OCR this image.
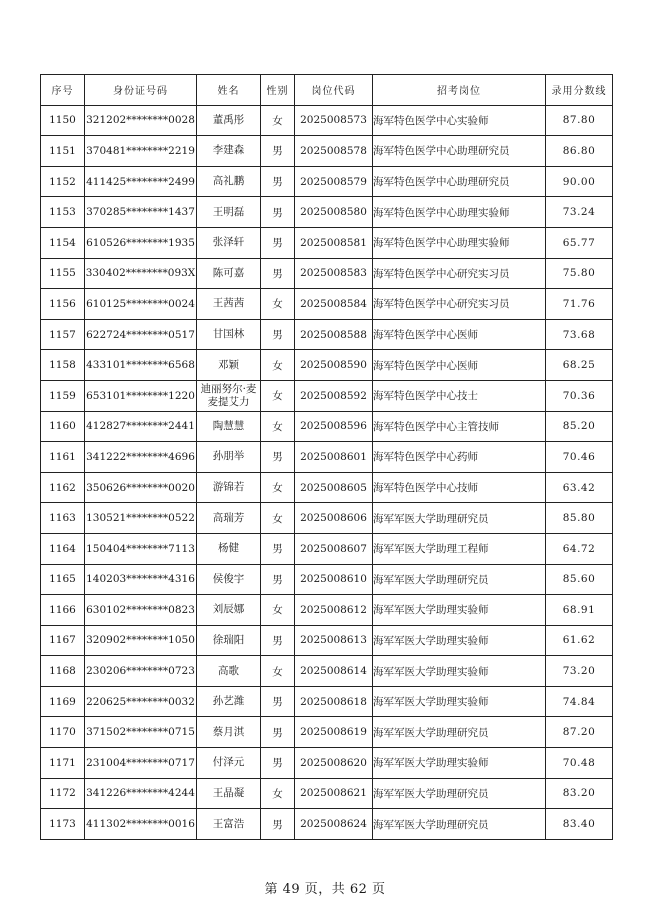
序号	身份证号码	姓名	性别	岗位代码	招考岗位	录用分数线
1150	321202********0028	董禹彤	女	2025008573	海军特色医学中心实验师	87.80
1151	370481********2219	李建森	男	2025008578	海军特色医学中心助理研究员	86.80
1152	411425********2499	高礼鹏	男	2025008579	海军特色医学中心助理研究员	90.00
1153	370285********1437	王明磊	男	2025008580	海军特色医学中心助理实验师	73.24
1154	610526********1935	张泽轩	男	2025008581	海军特色医学中心助理实验师	65.77
1155	330402********093X	陈可嘉	男	2025008583	海军特色医学中心研究实习员	75.80
1156	610125********0024	王茜茜	女	2025008584	海军特色医学中心研究实习员	71.76
1157	622724********0517	甘国林	男	2025008588	海军特色医学中心医师	73.68
1158	433101********6568	邓颖	女	2025008590	海军特色医学中心医师	68.25
1159	653101********1220	迪丽努尔·麦麦提艾力	女	2025008592	海军特色医学中心技士	70.36
1160	412827********2441	陶慧慧	女	2025008596	海军特色医学中心主管技师	85.20
1161	341222********4696	孙朋举	男	2025008601	海军特色医学中心药师	70.46
1162	350626********0020	游锦若	女	2025008605	海军特色医学中心技师	63.42
1163	130521********0522	高瑞芳	女	2025008606	海军军医大学助理研究员	85.80
1164	150404********7113	杨健	男	2025008607	海军军医大学助理工程师	64.72
1165	140203********4316	侯俊宇	男	2025008610	海军军医大学助理研究员	85.60
1166	630102********0823	刘辰娜	女	2025008612	海军军医大学助理实验师	68.91
1167	320902********1050	徐瑞阳	男	2025008613	海军军医大学助理实验师	61.62
1168	230206********0723	高歌	女	2025008614	海军军医大学助理实验师	73.20
1169	220625********0032	孙艺潍	男	2025008618	海军军医大学助理实验师	74.84
1170	371502********0715	蔡月淇	男	2025008619	海军军医大学助理研究员	87.20
1171	231004********0717	付泽元	男	2025008620	海军军医大学助理实验师	70.48
1172	341226********4244	王晶凝	女	2025008621	海军军医大学助理研究员	83.20
1173	411302********0016	王富浩	男	2025008624	海军军医大学助理研究员	83.40
第 49 页，共 62 页
